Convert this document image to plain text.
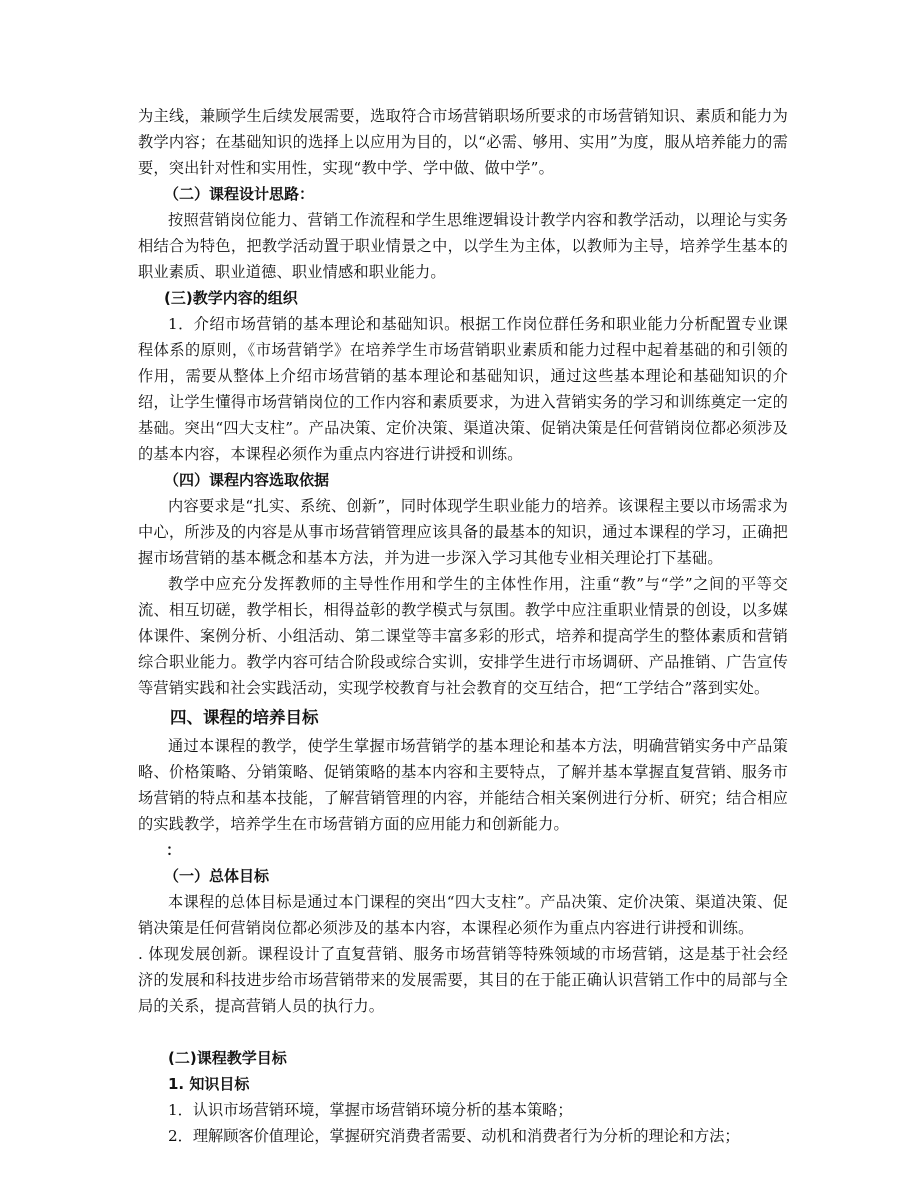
为主线，兼顾学生后续发展需要，选取符合市场营销职场所要求的市场营销知识、素质和能力为教学内容；在基础知识的选择上以应用为目的，以“必需、够用、实用”为度，服从培养能力的需要，突出针对性和实用性，实现“教中学、学中做、做中学”。

（二）课程设计思路：

按照营销岗位能力、营销工作流程和学生思维逻辑设计教学内容和教学活动，以理论与实务相结合为特色，把教学活动置于职业情景之中，以学生为主体，以教师为主导，培养学生基本的职业素质、职业道德、职业情感和职业能力。

(三)教学内容的组织

1．介绍市场营销的基本理论和基础知识。根据工作岗位群任务和职业能力分析配置专业课程体系的原则，《市场营销学》在培养学生市场营销职业素质和能力过程中起着基础的和引领的作用，需要从整体上介绍市场营销的基本理论和基础知识，通过这些基本理论和基础知识的介绍，让学生懂得市场营销岗位的工作内容和素质要求，为进入营销实务的学习和训练奠定一定的基础。突出“四大支柱”。产品决策、定价决策、渠道决策、促销决策是任何营销岗位都必须涉及的基本内容，本课程必须作为重点内容进行讲授和训练。

（四）课程内容选取依据

内容要求是“扎实、系统、创新”，同时体现学生职业能力的培养。该课程主要以市场需求为中心，所涉及的内容是从事市场营销管理应该具备的最基本的知识，通过本课程的学习，正确把握市场营销的基本概念和基本方法，并为进一步深入学习其他专业相关理论打下基础。

教学中应充分发挥教师的主导性作用和学生的主体性作用，注重“教”与“学”之间的平等交流、相互切磋，教学相长，相得益彰的教学模式与氛围。教学中应注重职业情景的创设，以多媒体课件、案例分析、小组活动、第二课堂等丰富多彩的形式，培养和提高学生的整体素质和营销综合职业能力。教学内容可结合阶段或综合实训，安排学生进行市场调研、产品推销、广告宣传等营销实践和社会实践活动，实现学校教育与社会教育的交互结合，把“工学结合”落到实处。

四、课程的培养目标

通过本课程的教学，使学生掌握市场营销学的基本理论和基本方法，明确营销实务中产品策略、价格策略、分销策略、促销策略的基本内容和主要特点，了解并基本掌握直复营销、服务市场营销的特点和基本技能，了解营销管理的内容，并能结合相关案例进行分析、研究；结合相应的实践教学，培养学生在市场营销方面的应用能力和创新能力。

：
（一）总体目标

本课程的总体目标是通过本门课程的突出“四大支柱”。产品决策、定价决策、渠道决策、促销决策是任何营销岗位都必须涉及的基本内容，本课程必须作为重点内容进行讲授和训练。

. 体现发展创新。课程设计了直复营销、服务市场营销等特殊领域的市场营销，这是基于社会经济的发展和科技进步给市场营销带来的发展需要，其目的在于能正确认识营销工作中的局部与全局的关系，提高营销人员的执行力。

(二)课程教学目标
1. 知识目标
1．认识市场营销环境，掌握市场营销环境分析的基本策略；
2．理解顾客价值理论，掌握研究消费者需要、动机和消费者行为分析的理论和方法；
